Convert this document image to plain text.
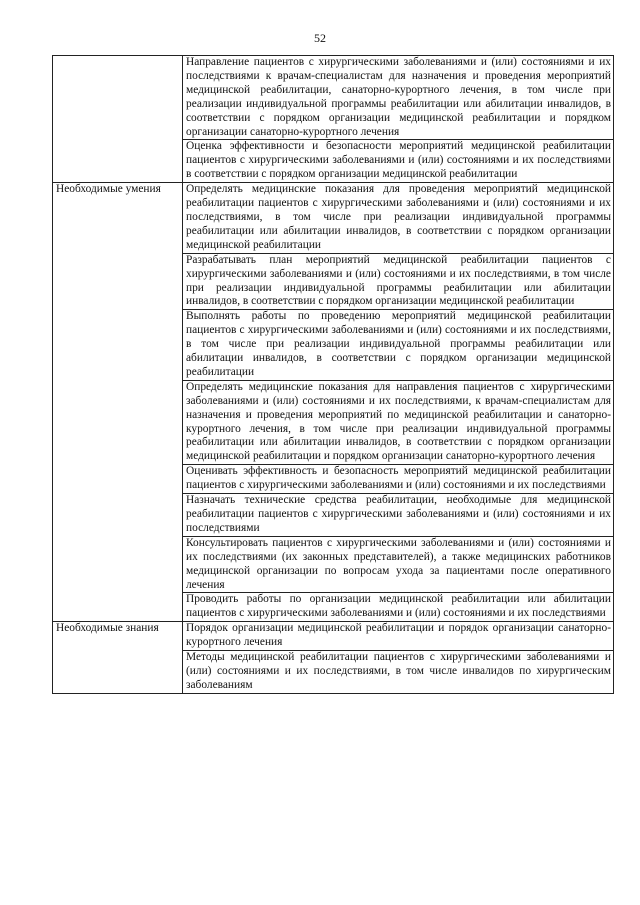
52
	Направление пациентов с хирургическими заболеваниями и (или) состояниями и их последствиями к врачам-специалистам для назначения и проведения мероприятий медицинской реабилитации, санаторно-курортного лечения, в том числе при реализации индивидуальной программы реабилитации или абилитации инвалидов, в соответствии с порядком организации медицинской реабилитации и порядком организации санаторно-курортного лечения
	Оценка эффективности и безопасности мероприятий медицинской реабилитации пациентов с хирургическими заболеваниями и (или) состояниями и их последствиями в соответствии с порядком организации медицинской реабилитации
Необходимые умения	Определять медицинские показания для проведения мероприятий медицинской реабилитации пациентов с хирургическими заболеваниями и (или) состояниями и их последствиями, в том числе при реализации индивидуальной программы реабилитации или абилитации инвалидов, в соответствии с порядком организации медицинской реабилитации
	Разрабатывать план мероприятий медицинской реабилитации пациентов с хирургическими заболеваниями и (или) состояниями и их последствиями, в том числе при реализации индивидуальной программы реабилитации или абилитации инвалидов, в соответствии с порядком организации медицинской реабилитации
	Выполнять работы по проведению мероприятий медицинской реабилитации пациентов с хирургическими заболеваниями и (или) состояниями и их последствиями, в том числе при реализации индивидуальной программы реабилитации или абилитации инвалидов, в соответствии с порядком организации медицинской реабилитации
	Определять медицинские показания для направления пациентов с хирургическими заболеваниями и (или) состояниями и их последствиями, к врачам-специалистам для назначения и проведения мероприятий по медицинской реабилитации и санаторно-курортного лечения, в том числе при реализации индивидуальной программы реабилитации или абилитации инвалидов, в соответствии с порядком организации медицинской реабилитации и порядком организации санаторно-курортного лечения
	Оценивать эффективность и безопасность мероприятий медицинской реабилитации пациентов с хирургическими заболеваниями и (или) состояниями и их последствиями
	Назначать технические средства реабилитации, необходимые для медицинской реабилитации пациентов с хирургическими заболеваниями и (или) состояниями и их последствиями
	Консультировать пациентов с хирургическими заболеваниями и (или) состояниями и их последствиями (их законных представителей), а также медицинских работников медицинской организации по вопросам ухода за пациентами после оперативного лечения
	Проводить работы по организации медицинской реабилитации или абилитации пациентов с хирургическими заболеваниями и (или) состояниями и их последствиями
Необходимые знания	Порядок организации медицинской реабилитации и порядок организации санаторно-курортного лечения
	Методы медицинской реабилитации пациентов с хирургическими заболеваниями и (или) состояниями и их последствиями, в том числе инвалидов по хирургическим заболеваниям
